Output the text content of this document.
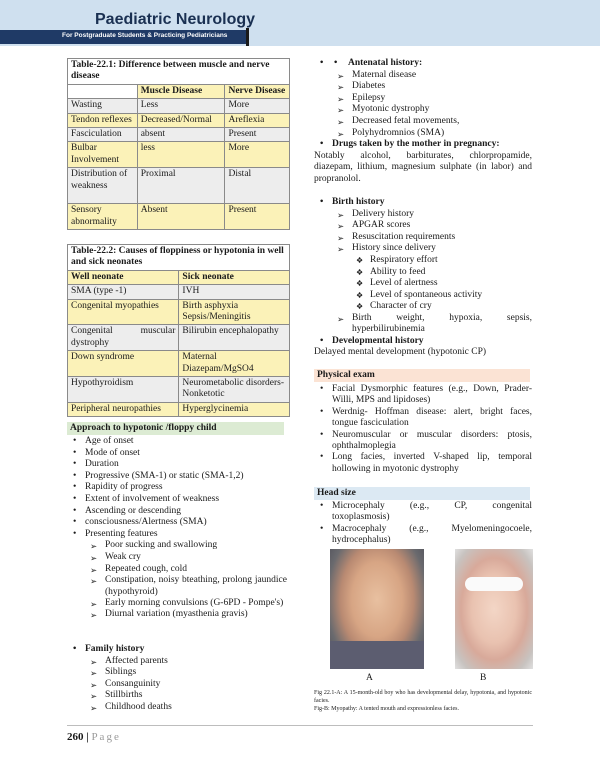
Paediatric Neurology
For Postgraduate Students & Practicing Pediatricians
Table-22.1: Difference between muscle and nerve disease		
	Muscle Disease	Nerve Disease
Wasting	Less	More
Tendon reflexes	Decreased/Normal	Areflexia
Fasciculation	absent	Present
Bulbar Involvement	less	More
Distribution of weakness	Proximal	Distal
Sensory abnormality	Absent	Present
Table-22.2: Causes of floppiness or hypotonia in well and sick neonates	
Well neonate	Sick neonate
SMA (type -1)	IVH
Congenital myopathies	Birth asphyxia Sepsis/Meningitis
Congenital muscular dystrophy	Bilirubin encephalopathy
Down syndrome	Maternal Diazepam/MgSO4
Hypothyroidism	Neurometabolic disorders-Nonketotic
Peripheral neuropathies	Hyperglycinemia
Approach to hypotonic /floppy child
• Age of onset
• Mode of onset
• Duration
• Progressive (SMA-1) or static (SMA-1,2)
• Rapidity of progress
• Extent of involvement of weakness
• Ascending or descending
• consciousness/Alertness (SMA)
• Presenting features
➢ Poor sucking and swallowing
➢ Weak cry
➢ Repeated cough, cold
➢ Constipation, noisy bteathing, prolong jaundice (hypothyroid)
➢ Early morning convulsions (G-6PD - Pompe's)
➢ Diurnal variation (myasthenia gravis)
• Family history
➢ Affected parents
➢ Siblings
➢ Consanguinity
➢ Stillbirths
➢ Childhood deaths
• • Antenatal history:
➢ Maternal disease
➢ Diabetes
➢ Epilepsy
➢ Myotonic dystrophy
➢ Decreased fetal movements,
➢ Polyhydromnios (SMA)
• Drugs taken by the mother in pregnancy:
Notably alcohol, barbiturates, chlorpropamide, diazepam, lithium, magnesium sulphate (in labor) and propranolol.
• Birth history
➢ Delivery history
➢ APGAR scores
➢ Resuscitation requirements
➢ History since delivery
❖ Respiratory effort
❖ Ability to feed
❖ Level of alertness
❖ Level of spontaneous activity
❖ Character of cry
➢ Birth weight, hypoxia, sepsis, hyperbilirubinemia
• Developmental history
Delayed mental development (hypotonic CP)
Physical exam
• Facial Dysmorphic features (e.g., Down, Prader- Willi, MPS and lipidoses)
• Werdnig- Hoffman disease: alert, bright faces, tongue fasciculation
• Neuromuscular or muscular disorders: ptosis, ophthalmoplegia
• Long facies, inverted V-shaped lip, temporal hollowing in myotonic dystrophy
Head size
• Microcephaly (e.g., CP, congenital toxoplasmosis)
• Macrocephaly (e.g., Myelomeningocoele, hydrocephalus)
A	B
Fig 22.1-A: A 15-month-old boy who has developmental delay, hypotonia, and hypotonic facies.
Fig-B: Myopathy: A tented mouth and expressionless facies.
260 | Page
